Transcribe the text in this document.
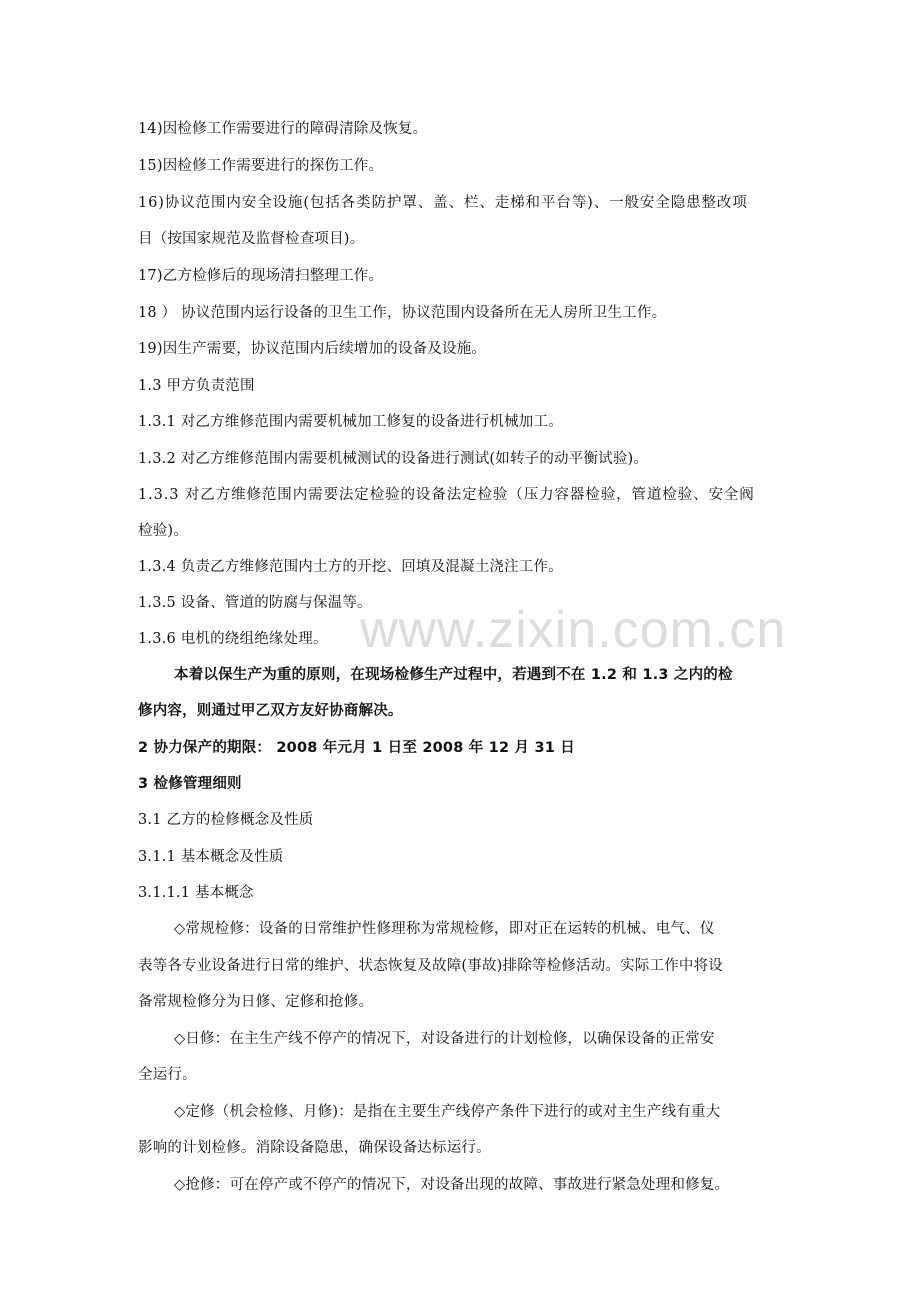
14)因检修工作需要进行的障碍清除及恢复。
15)因检修工作需要进行的探伤工作。
16)协议范围内安全设施(包括各类防护罩、盖、栏、走梯和平台等)、一般安全隐患整改项
目（按国家规范及监督检查项目)。
17)乙方检修后的现场清扫整理工作。
18 ） 协议范围内运行设备的卫生工作，协议范围内设备所在无人房所卫生工作。
19)因生产需要，协议范围内后续增加的设备及设施。
1.3 甲方负责范围
1.3.1 对乙方维修范围内需要机械加工修复的设备进行机械加工。
1.3.2 对乙方维修范围内需要机械测试的设备进行测试(如转子的动平衡试验)。
1.3.3 对乙方维修范围内需要法定检验的设备法定检验（压力容器检验，管道检验、安全阀
检验)。
1.3.4 负责乙方维修范围内土方的开挖、回填及混凝土浇注工作。
1.3.5 设备、管道的防腐与保温等。
1.3.6 电机的绕组绝缘处理。
本着以保生产为重的原则，在现场检修生产过程中，若遇到不在 1.2 和 1.3 之内的检
修内容，则通过甲乙双方友好协商解决。
2 协力保产的期限： 2008 年元月 1 日至 2008 年 12 月 31 日
3 检修管理细则
3.1 乙方的检修概念及性质
3.1.1 基本概念及性质
3.1.1.1 基本概念
◇常规检修：设备的日常维护性修理称为常规检修，即对正在运转的机械、电气、仪
表等各专业设备进行日常的维护、状态恢复及故障(事故)排除等检修活动。实际工作中将设
备常规检修分为日修、定修和抢修。
◇日修：在主生产线不停产的情况下，对设备进行的计划检修，以确保设备的正常安
全运行。
◇定修（机会检修、月修)：是指在主要生产线停产条件下进行的或对主生产线有重大
影响的计划检修。消除设备隐患，确保设备达标运行。
◇抢修：可在停产或不停产的情况下，对设备出现的故障、事故进行紧急处理和修复。
www.zixin.com.cn
